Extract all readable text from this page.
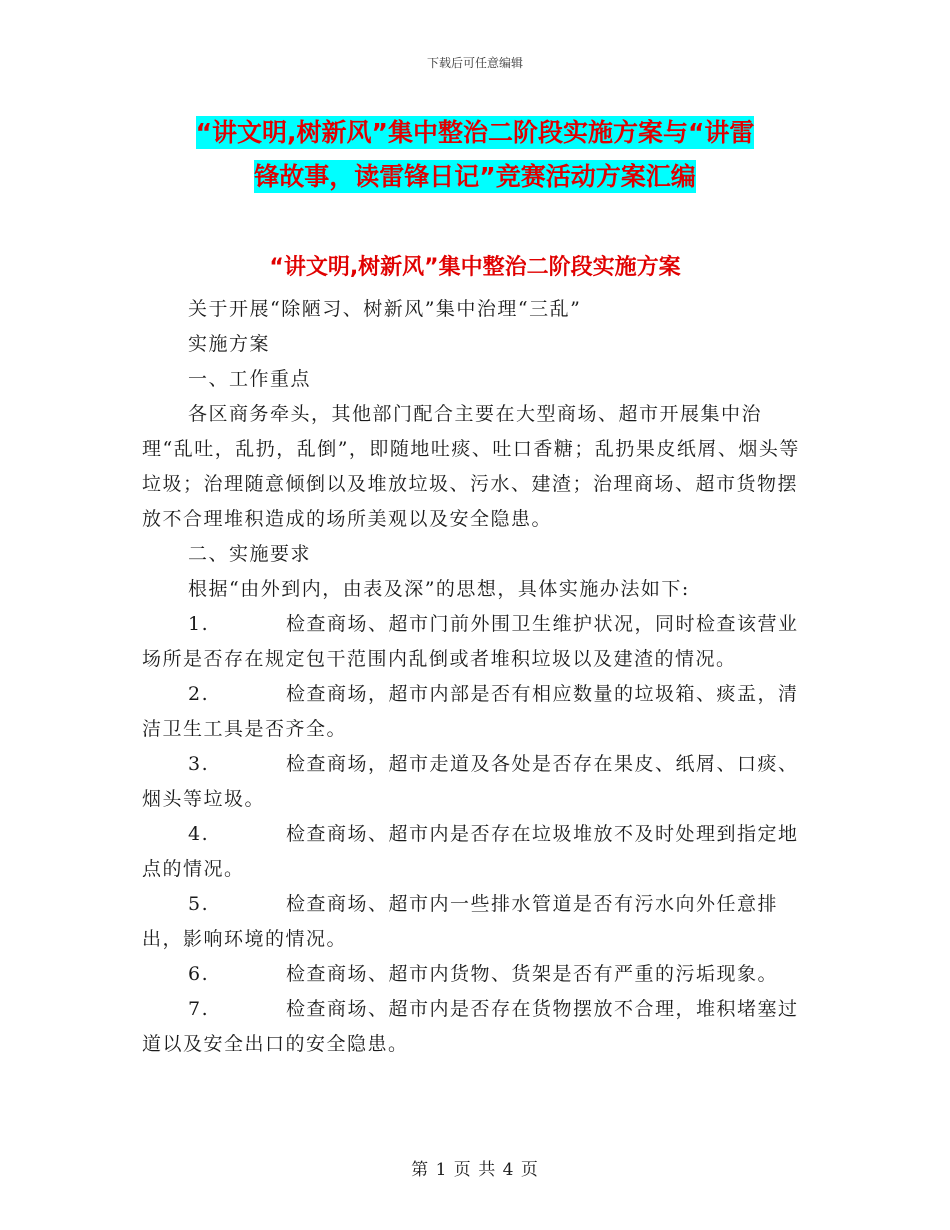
下载后可任意编辑
“讲文明,树新风”集中整治二阶段实施方案与“讲雷
锋故事，读雷锋日记”竞赛活动方案汇编
“讲文明,树新风”集中整治二阶段实施方案

关于开展“除陋习、树新风”集中治理“三乱”

实施方案

一、工作重点

各区商务牵头，其他部门配合主要在大型商场、超市开展集中治理“乱吐，乱扔，乱倒”，即随地吐痰、吐口香糖；乱扔果皮纸屑、烟头等垃圾；治理随意倾倒以及堆放垃圾、污水、建渣；治理商场、超市货物摆放不合理堆积造成的场所美观以及安全隐患。

二、实施要求

根据“由外到内，由表及深”的思想，具体实施办法如下:

1.	检查商场、超市门前外围卫生维护状况，同时检查该营业场所是否存在规定包干范围内乱倒或者堆积垃圾以及建渣的情况。

2.	检查商场，超市内部是否有相应数量的垃圾箱、痰盂，清洁卫生工具是否齐全。

3.	检查商场，超市走道及各处是否存在果皮、纸屑、口痰、烟头等垃圾。

4.	检查商场、超市内是否存在垃圾堆放不及时处理到指定地点的情况。

5.	检查商场、超市内一些排水管道是否有污水向外任意排出，影响环境的情况。

6.	检查商场、超市内货物、货架是否有严重的污垢现象。

7.	检查商场、超市内是否存在货物摆放不合理，堆积堵塞过道以及安全出口的安全隐患。

第 1 页 共 4 页
